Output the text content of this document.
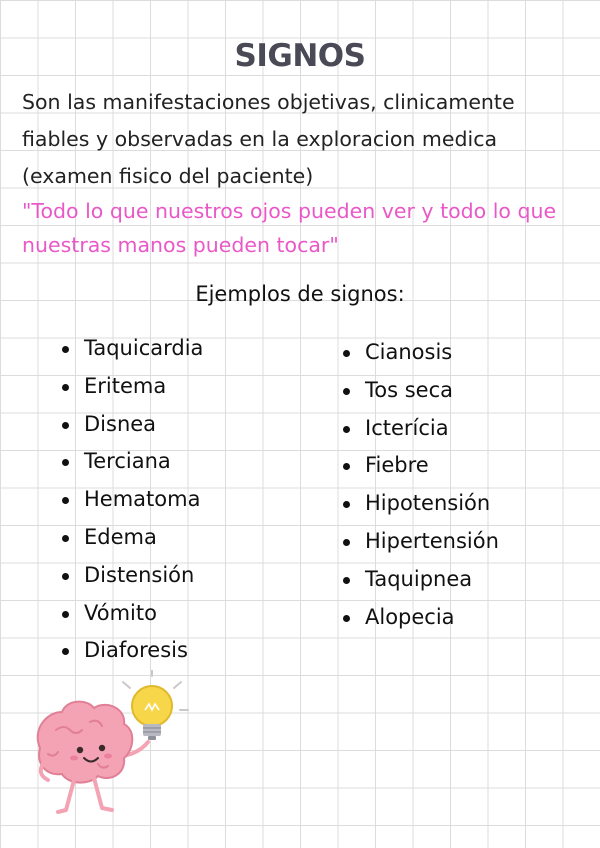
SIGNOS
Son las manifestaciones objetivas, clinicamente fiables y observadas en la exploracion medica (examen fisico del paciente)
"Todo lo que nuestros ojos pueden ver y todo lo que nuestras manos pueden tocar"
Ejemplos de signos:
Taquicardia
Eritema
Disnea
Terciana
Hematoma
Edema
Distensión
Vómito
Diaforesis
Cianosis
Tos seca
Icterícia
Fiebre
Hipotensión
Hipertensión
Taquipnea
Alopecia
